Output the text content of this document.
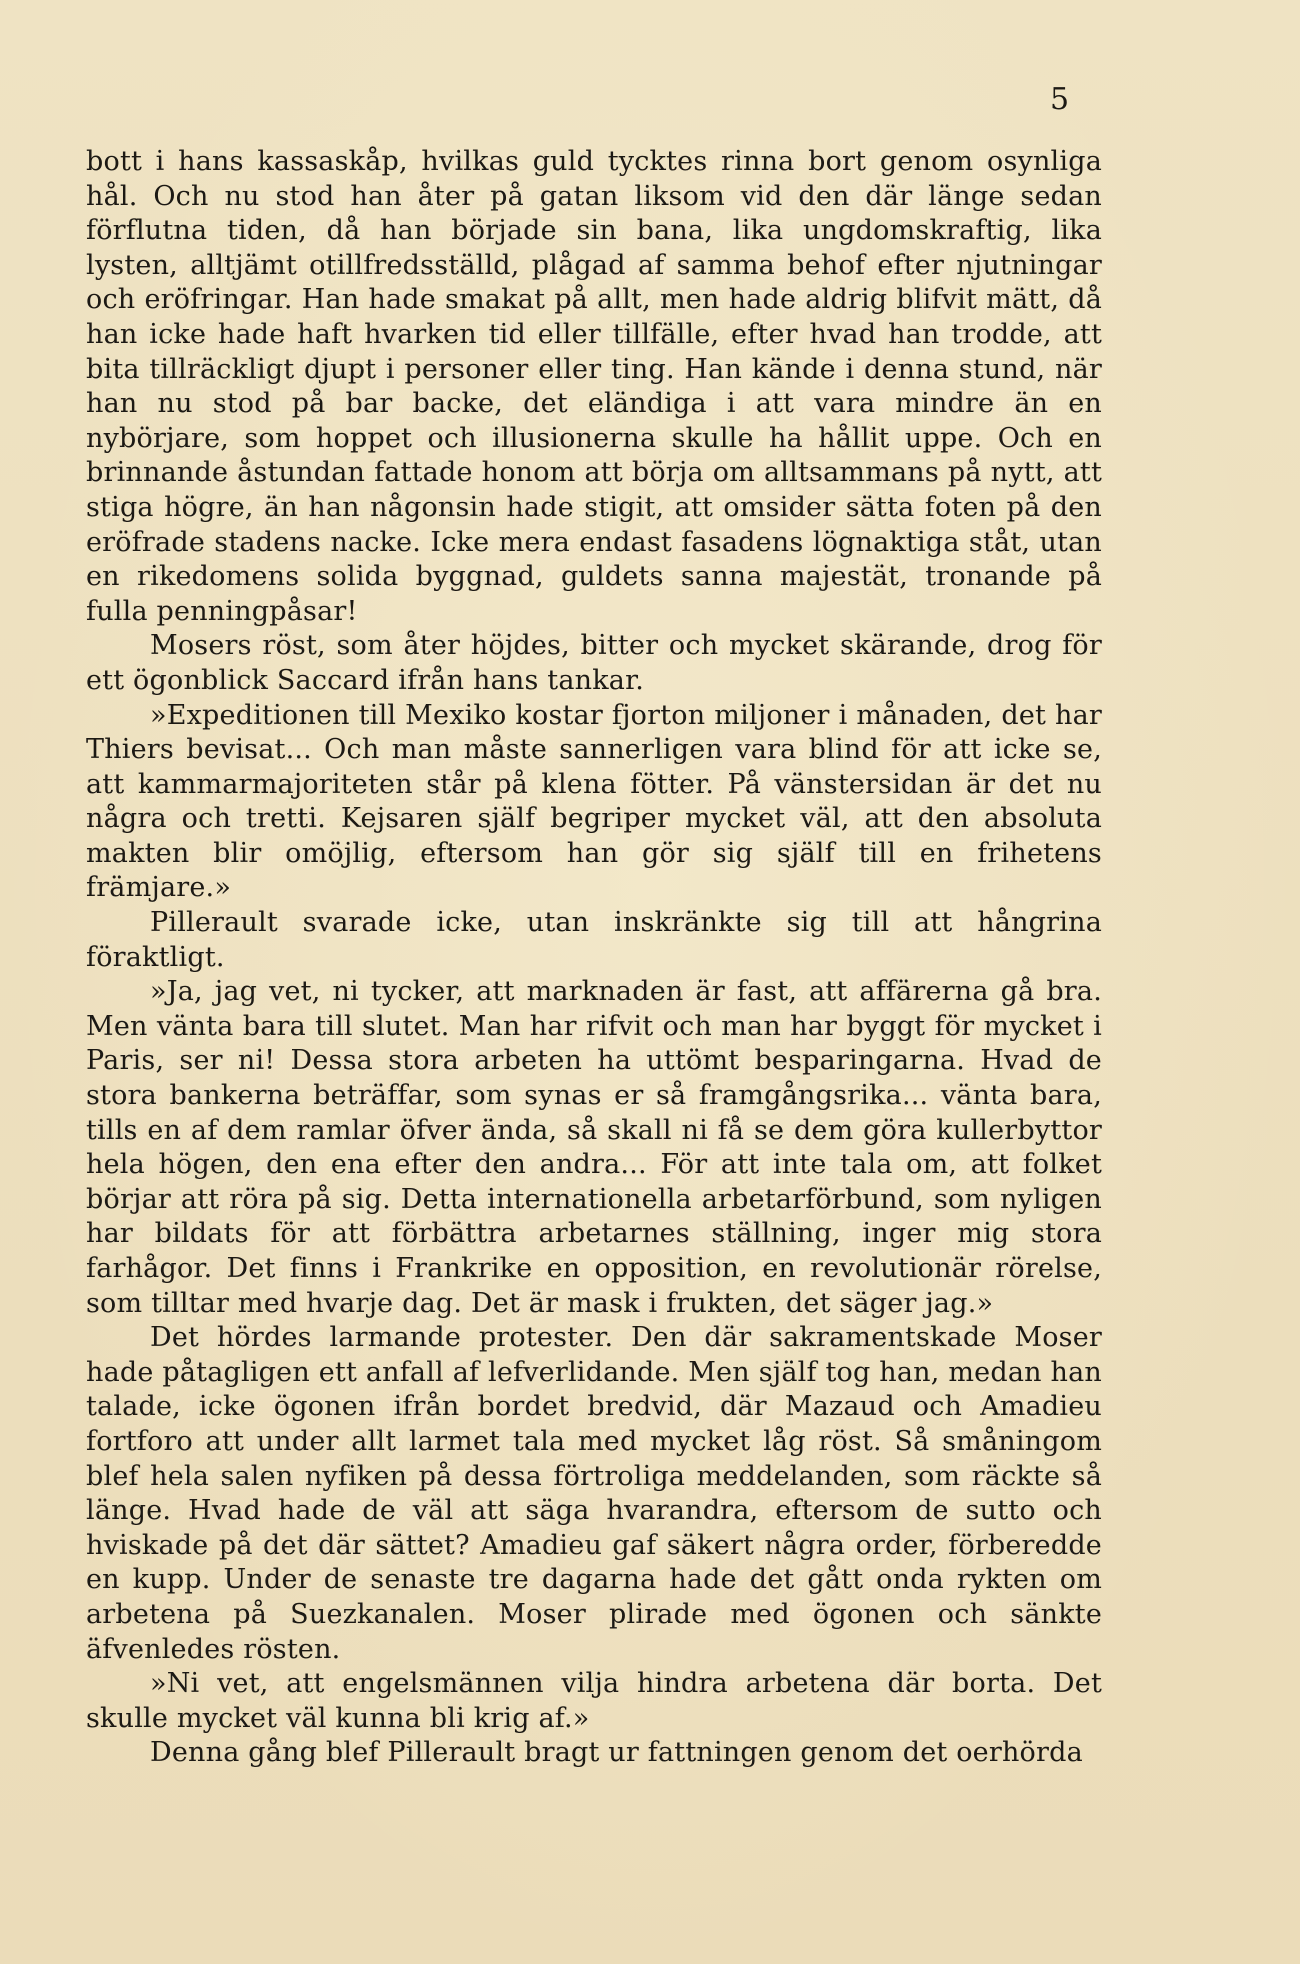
5

bott i hans kassaskåp, hvilkas guld tycktes rinna bort genom osynliga hål. Och nu stod han åter på gatan liksom vid den där länge sedan förflutna tiden, då han började sin bana, lika ungdomskraftig, lika lysten, alltjämt otillfredsställd, plågad af samma behof efter njutningar och eröfringar. Han hade smakat på allt, men hade aldrig blifvit mätt, då han icke hade haft hvarken tid eller tillfälle, efter hvad han trodde, att bita tillräckligt djupt i personer eller ting. Han kände i denna stund, när han nu stod på bar backe, det eländiga i att vara mindre än en nybörjare, som hoppet och illusionerna skulle ha hållit uppe. Och en brinnande åstundan fattade honom att börja om alltsammans på nytt, att stiga högre, än han någonsin hade stigit, att omsider sätta foten på den eröfrade stadens nacke. Icke mera endast fasadens lögnaktiga ståt, utan en rikedomens solida byggnad, guldets sanna majestät, tronande på fulla penningpåsar!

Mosers röst, som åter höjdes, bitter och mycket skärande, drog för ett ögonblick Saccard ifrån hans tankar.

»Expeditionen till Mexiko kostar fjorton miljoner i månaden, det har Thiers bevisat... Och man måste sannerligen vara blind för att icke se, att kammarmajoriteten står på klena fötter. På vänstersidan är det nu några och tretti. Kejsaren själf begriper mycket väl, att den absoluta makten blir omöjlig, eftersom han gör sig själf till en frihetens främjare.»

Pillerault svarade icke, utan inskränkte sig till att hångrina föraktligt.

»Ja, jag vet, ni tycker, att marknaden är fast, att affärerna gå bra. Men vänta bara till slutet. Man har rifvit och man har byggt för mycket i Paris, ser ni! Dessa stora arbeten ha uttömt besparingarna. Hvad de stora bankerna beträffar, som synas er så framgångsrika... vänta bara, tills en af dem ramlar öfver ända, så skall ni få se dem göra kullerbyttor hela högen, den ena efter den andra... För att inte tala om, att folket börjar att röra på sig. Detta internationella arbetarförbund, som nyligen har bildats för att förbättra arbetarnes ställning, inger mig stora farhågor. Det finns i Frankrike en opposition, en revolutionär rörelse, som tilltar med hvarje dag. Det är mask i frukten, det säger jag.»

Det hördes larmande protester. Den där sakramentskade Moser hade påtagligen ett anfall af lefverlidande. Men själf tog han, medan han talade, icke ögonen ifrån bordet bredvid, där Mazaud och Amadieu fortforo att under allt larmet tala med mycket låg röst. Så småningom blef hela salen nyfiken på dessa förtroliga meddelanden, som räckte så länge. Hvad hade de väl att säga hvarandra, eftersom de sutto och hviskade på det där sättet? Amadieu gaf säkert några order, förberedde en kupp. Under de senaste tre dagarna hade det gått onda rykten om arbetena på Suezkanalen. Moser plirade med ögonen och sänkte äfvenledes rösten.

»Ni vet, att engelsmännen vilja hindra arbetena där borta. Det skulle mycket väl kunna bli krig af.»

Denna gång blef Pillerault bragt ur fattningen genom det oerhörda
